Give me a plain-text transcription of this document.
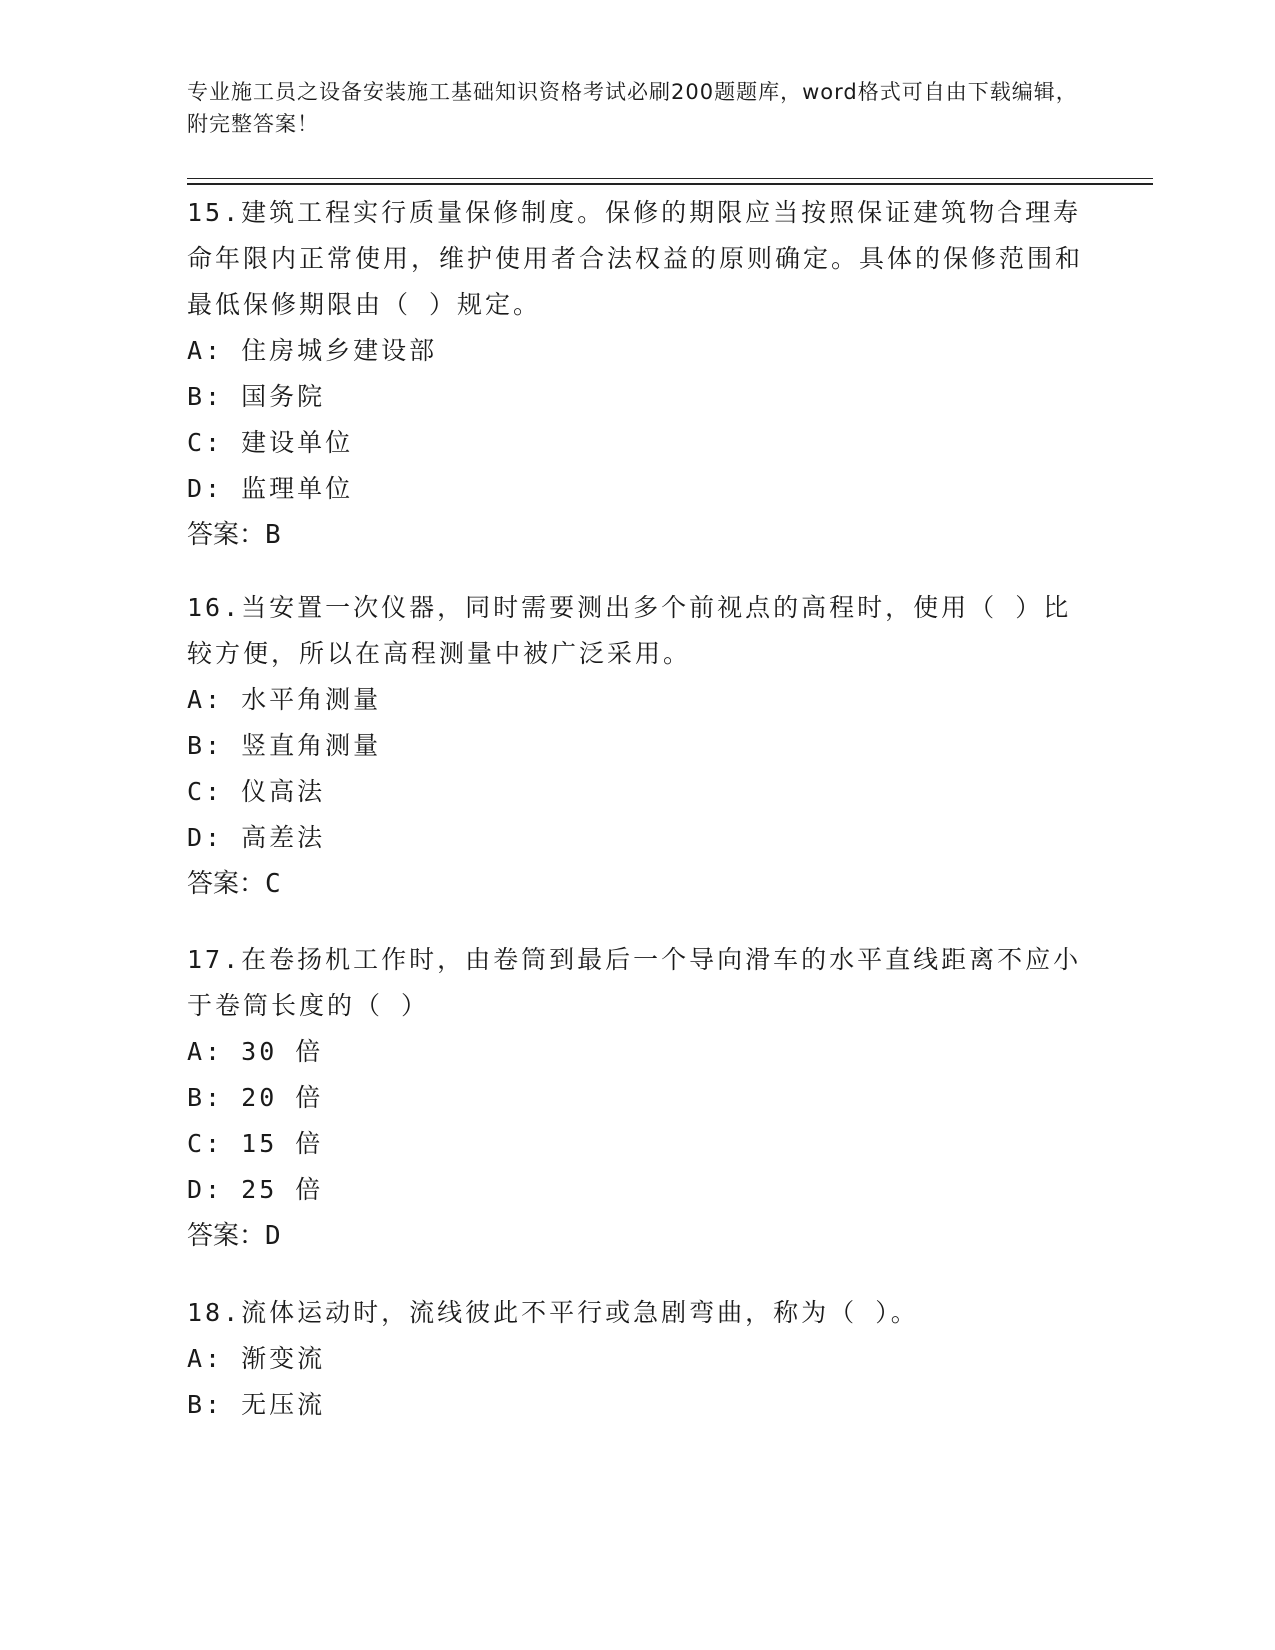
专业施工员之设备安装施工基础知识资格考试必刷200题题库，word格式可自由下载编辑，附完整答案！

15.建筑工程实行质量保修制度。保修的期限应当按照保证建筑物合理寿命年限内正常使用，维护使用者合法权益的原则确定。具体的保修范围和最低保修期限由（ ）规定。

A: 住房城乡建设部

B: 国务院

C: 建设单位

D: 监理单位

答案：B

16.当安置一次仪器，同时需要测出多个前视点的高程时，使用（ ）比较方便，所以在高程测量中被广泛采用。

A: 水平角测量

B: 竖直角测量

C: 仪高法

D: 高差法

答案：C

17.在卷扬机工作时，由卷筒到最后一个导向滑车的水平直线距离不应小于卷筒长度的（ ）

A: 30 倍

B: 20 倍

C: 15 倍

D: 25 倍

答案：D

18.流体运动时，流线彼此不平行或急剧弯曲，称为（ ）。

A: 渐变流

B: 无压流
